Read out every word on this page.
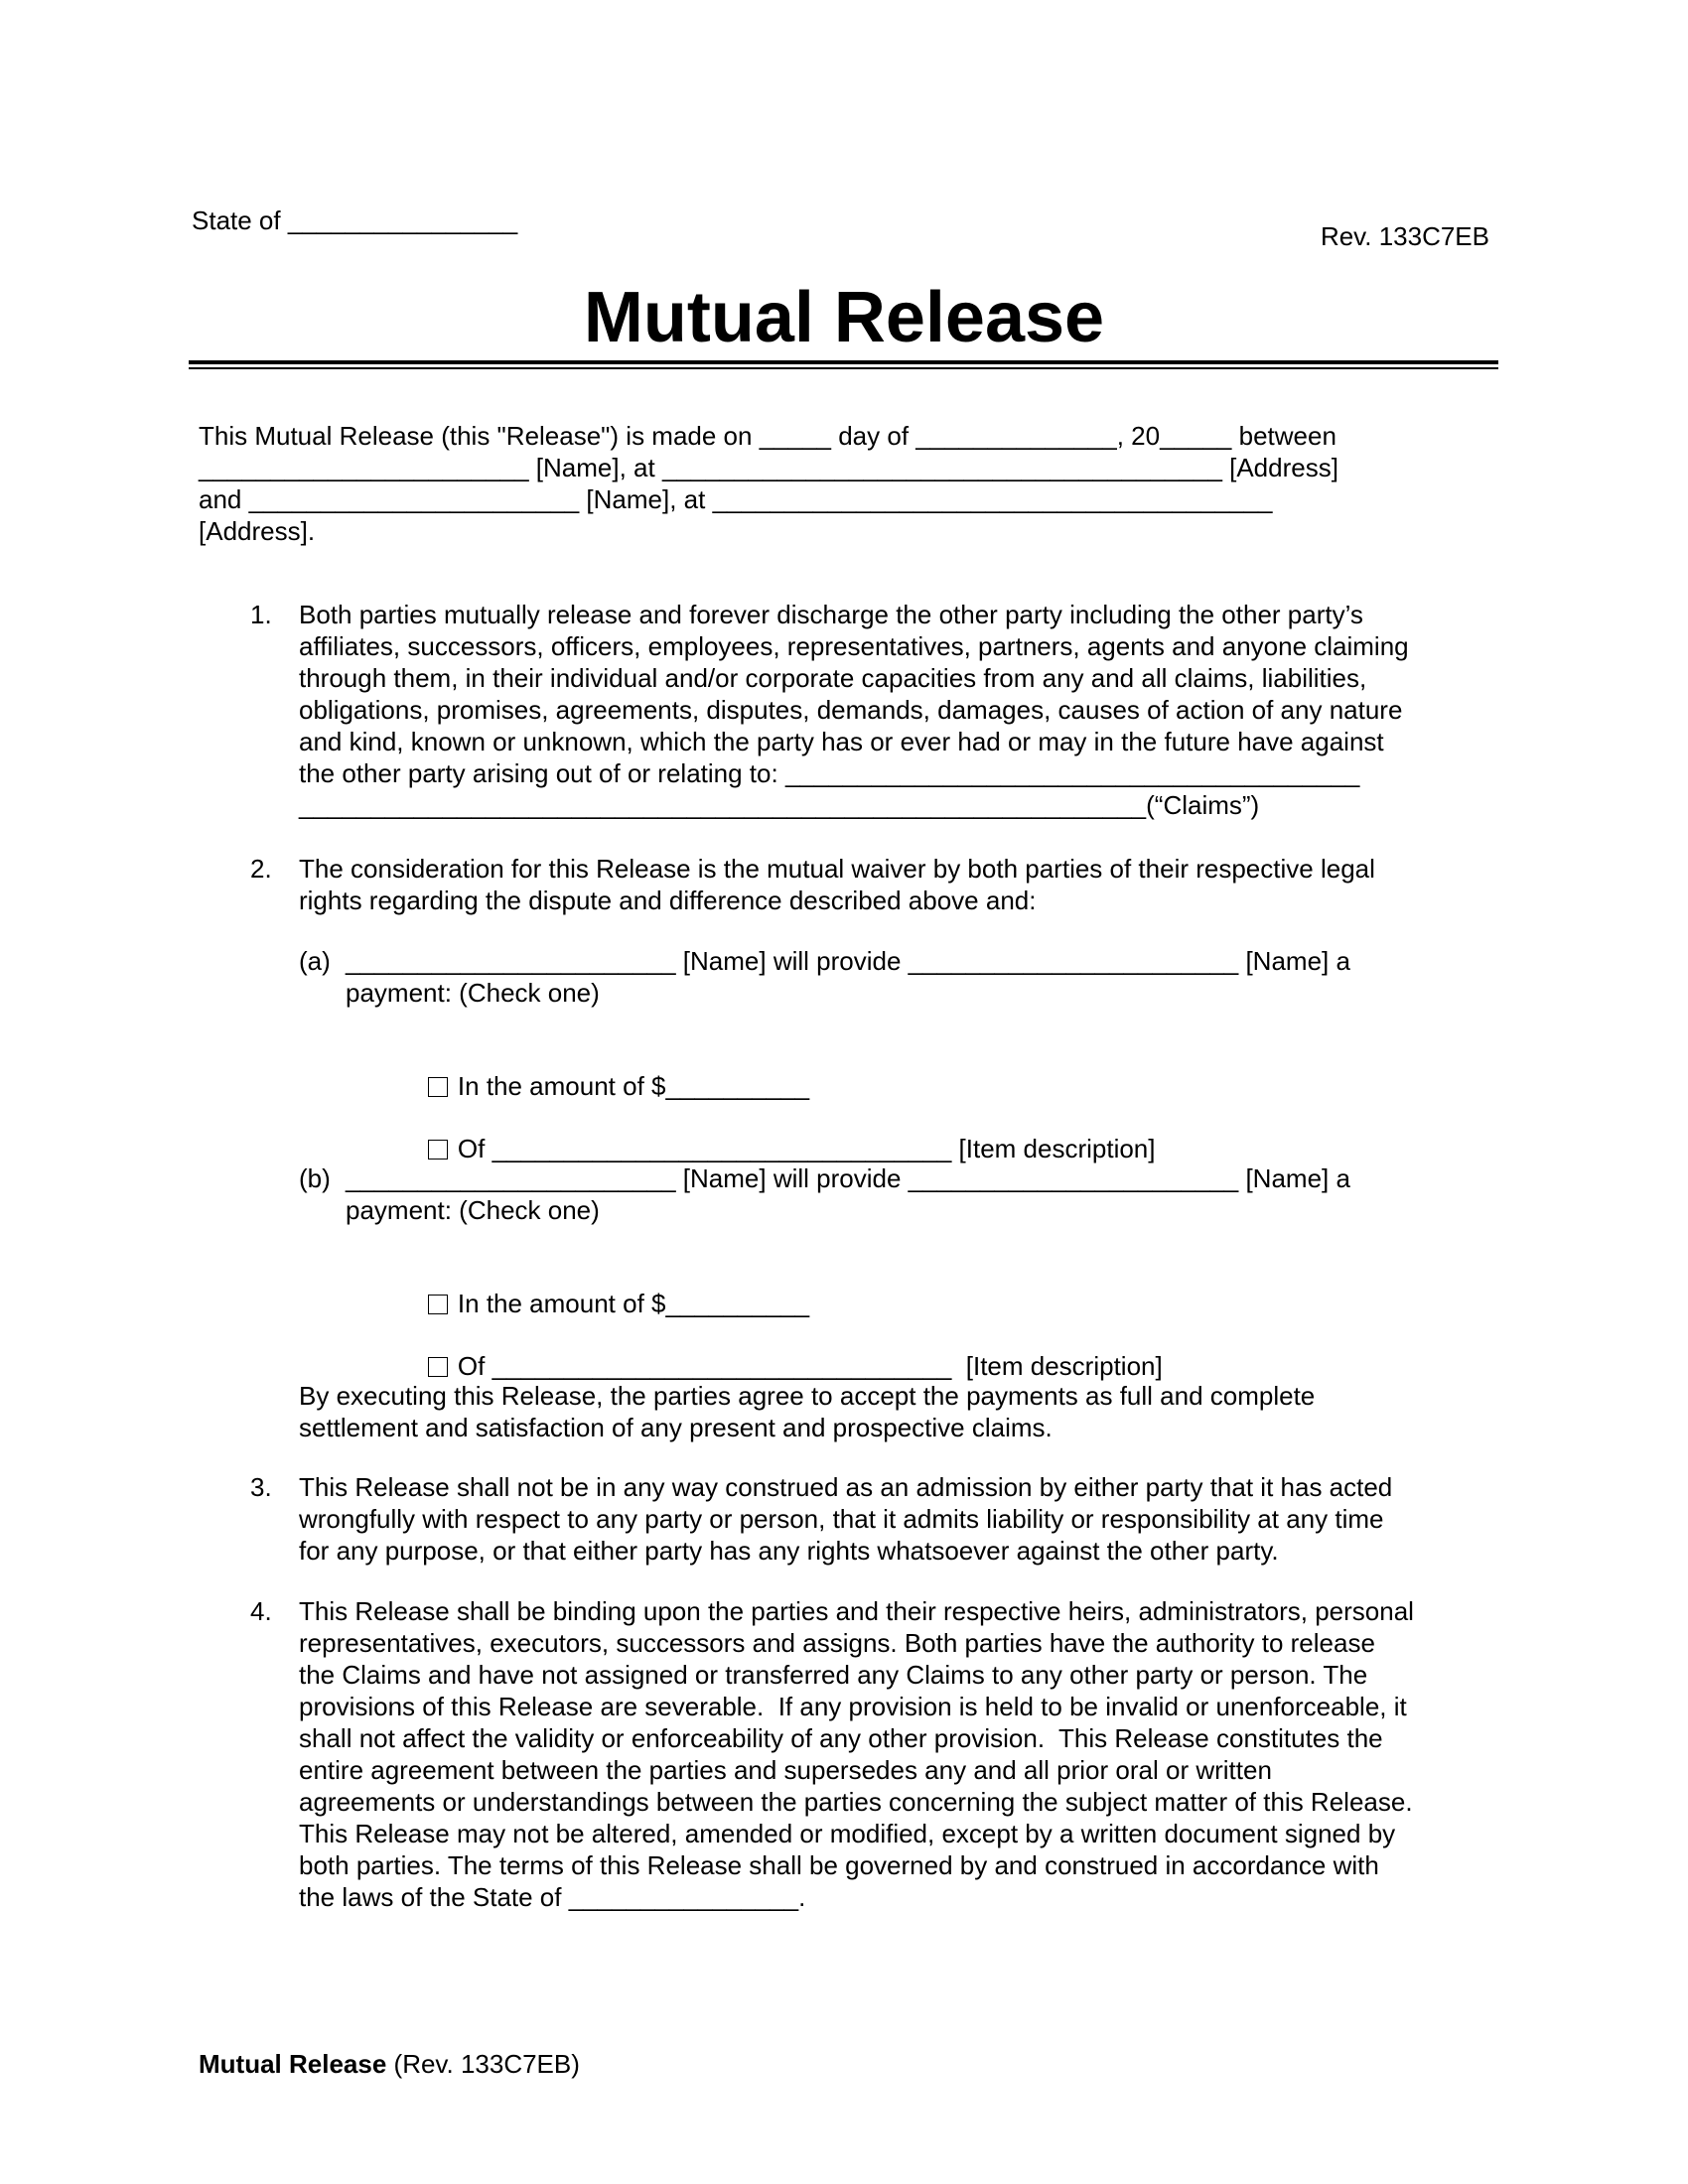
State of ________________
Rev. 133C7EB
Mutual Release
This Mutual Release (this "Release") is made on _____ day of ______________, 20_____ between
_______________________ [Name], at _______________________________________ [Address]
and _______________________ [Name], at _______________________________________
[Address].
1. Both parties mutually release and forever discharge the other party including the other party’s
affiliates, successors, officers, employees, representatives, partners, agents and anyone claiming
through them, in their individual and/or corporate capacities from any and all claims, liabilities,
obligations, promises, agreements, disputes, demands, damages, causes of action of any nature
and kind, known or unknown, which the party has or ever had or may in the future have against
the other party arising out of or relating to: ________________________________________
___________________________________________________________(“Claims”)
2. The consideration for this Release is the mutual waiver by both parties of their respective legal
rights regarding the dispute and difference described above and:
(a) _______________________ [Name] will provide _______________________ [Name] a
payment: (Check one)

In the amount of $__________

Of ________________________________ [Item description]

(b) _______________________ [Name] will provide _______________________ [Name] a
payment: (Check one)

In the amount of $__________

Of ________________________________  [Item description]

By executing this Release, the parties agree to accept the payments as full and complete
settlement and satisfaction of any present and prospective claims.
3. This Release shall not be in any way construed as an admission by either party that it has acted
wrongfully with respect to any party or person, that it admits liability or responsibility at any time
for any purpose, or that either party has any rights whatsoever against the other party.
4. This Release shall be binding upon the parties and their respective heirs, administrators, personal
representatives, executors, successors and assigns. Both parties have the authority to release
the Claims and have not assigned or transferred any Claims to any other party or person. The
provisions of this Release are severable.  If any provision is held to be invalid or unenforceable, it
shall not affect the validity or enforceability of any other provision.  This Release constitutes the
entire agreement between the parties and supersedes any and all prior oral or written
agreements or understandings between the parties concerning the subject matter of this Release.
This Release may not be altered, amended or modified, except by a written document signed by
both parties. The terms of this Release shall be governed by and construed in accordance with
the laws of the State of ________________.
Mutual Release (Rev. 133C7EB)
